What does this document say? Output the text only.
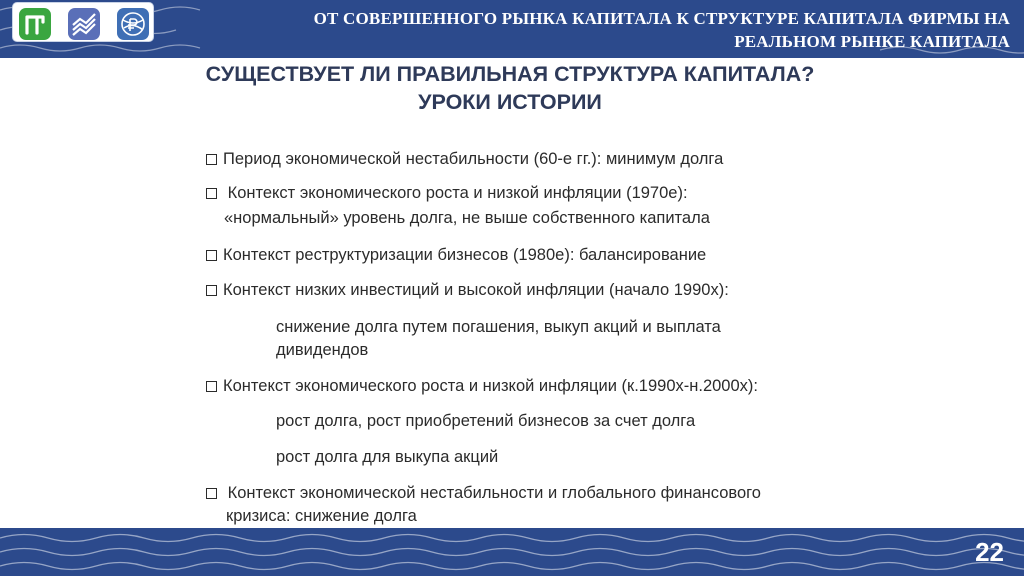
ОТ СОВЕРШЕННОГО РЫНКА КАПИТАЛА К СТРУКТУРЕ КАПИТАЛА ФИРМЫ НА
РЕАЛЬНОМ РЫНКЕ КАПИТАЛА
СУЩЕСТВУЕТ ЛИ ПРАВИЛЬНАЯ СТРУКТУРА КАПИТАЛА?
УРОКИ ИСТОРИИ
Период экономической нестабильности (60-е гг.): минимум долга
Контекст экономического роста и низкой инфляции (1970е):
«нормальный» уровень долга, не выше собственного капитала
Контекст реструктуризации бизнесов (1980е): балансирование
Контекст низких инвестиций и высокой инфляции (начало 1990х):
снижение долга путем погашения, выкуп акций и выплата
дивидендов
Контекст экономического роста и низкой инфляции (к.1990х-н.2000х):
рост долга, рост приобретений бизнесов за счет долга
рост долга для выкупа акций
Контекст экономической нестабильности и глобального финансового
кризиса: снижение долга
22
